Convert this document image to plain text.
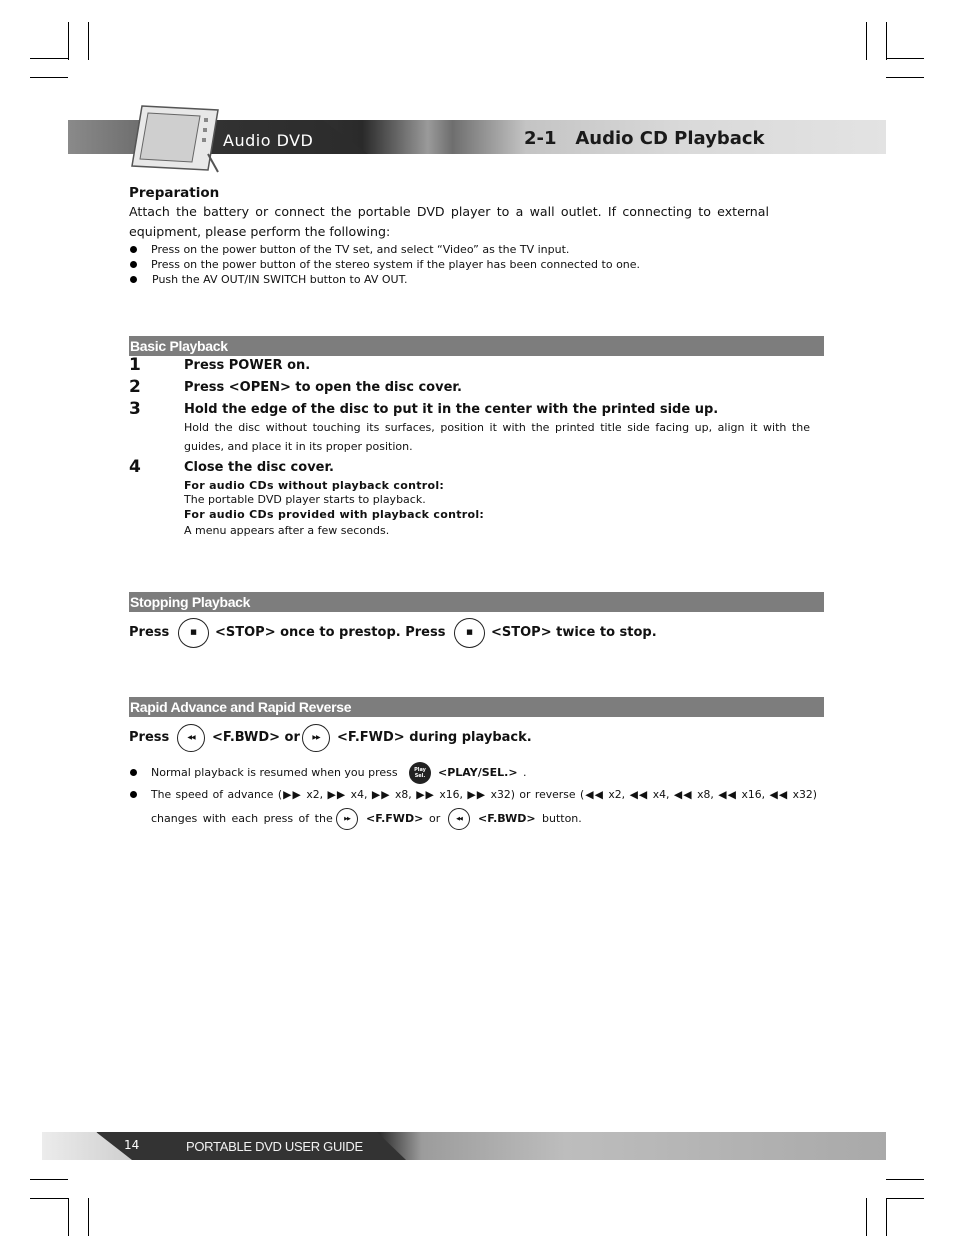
Audio DVD	2-1   Audio CD Playback
Preparation
Attach the battery or connect the portable DVD player to a wall outlet. If connecting to external
equipment, please perform the following:
Press on the power button of the TV set, and select “Video” as the TV input.
Press on the power button of the stereo system if the player has been connected to one.
Push the AV OUT/IN SWITCH button to AV OUT.
Basic Playback
1	Press POWER on.
2	Press <OPEN> to open the disc cover.
3	Hold the edge of the disc to put it in the center with the printed side up.
Hold the disc without touching its surfaces, position it with the printed title side facing up, align it with the
guides, and place it in its proper position.
4	Close the disc cover.
For audio CDs without playback control:
The portable DVD player starts to playback.
For audio CDs provided with playback control:
A menu appears after a few seconds.
Stopping Playback
Press	■	<STOP> once to prestop. Press	■	<STOP> twice to stop.
Rapid Advance and Rapid Reverse
Press	◀◀	<F.BWD> or	▶▶	<F.FWD> during playback.
Normal playback is resumed when you press	Play
Sel.	<PLAY/SEL.> .
The speed of advance (▶▶ x2, ▶▶ x4, ▶▶ x8, ▶▶ x16, ▶▶ x32) or reverse (◀◀ x2, ◀◀ x4, ◀◀ x8, ◀◀ x16, ◀◀ x32)
changes with each press of the	▶▶	<F.FWD> or	◀◀	<F.BWD> button.
14	PORTABLE DVD USER GUIDE
